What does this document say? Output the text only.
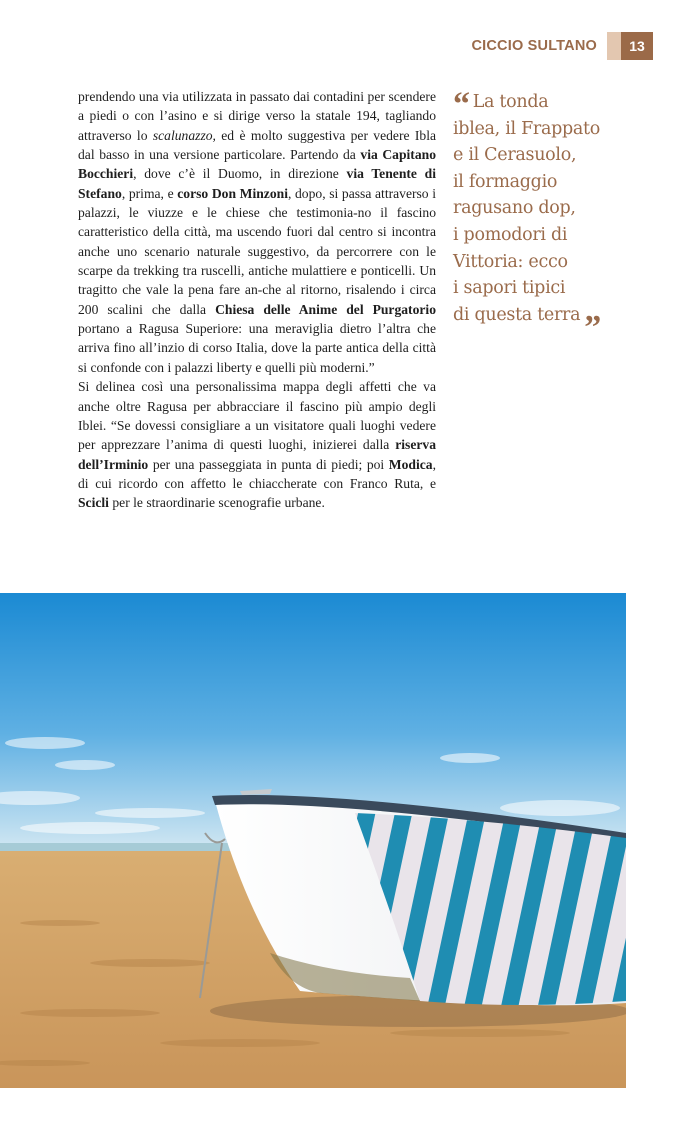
CICCIO SULTANO	13

prendendo una via utilizzata in passato dai contadini per scendere a piedi o con l’asino e si dirige verso la statale 194, tagliando attraverso lo scalunazzo, ed è molto suggestiva per vedere Ibla dal basso in una versione particolare. Partendo da via Capitano Bocchieri, dove c’è il Duomo, in direzione via Tenente di Stefano, prima, e corso Don Minzoni, dopo, si passa attraverso i palazzi, le viuzze e le chiese che testimonia-no il fascino caratteristico della città, ma uscendo fuori dal centro si incontra anche uno scenario naturale suggestivo, da percorrere con le scarpe da trekking tra ruscelli, antiche mulattiere e ponticelli. Un tragitto che vale la pena fare an-che al ritorno, risalendo i circa 200 scalini che dalla Chiesa delle Anime del Purgatorio portano a Ragusa Superiore: una meraviglia dietro l’altra che arriva fino all’inzio di corso Italia, dove la parte antica della città si confonde con i palazzi liberty e quelli più moderni.”

Si delinea così una personalissima mappa degli affetti che va anche oltre Ragusa per abbracciare il fascino più ampio degli Iblei. “Se dovessi consigliare a un visitatore quali luoghi vedere per apprezzare l’anima di questi luoghi, inizierei dalla riserva dell’Irminio per una passeggiata in punta di piedi; poi Modica, di cui ricordo con affetto le chiaccherate con Franco Ruta, e Scicli per le straordinarie scenografie urbane.

“ La tonda
iblea, il Frappato
e il Cerasuolo,
il formaggio
ragusano dop,
i pomodori di
Vittoria: ecco
i sapori tipici
di questa terra ”
